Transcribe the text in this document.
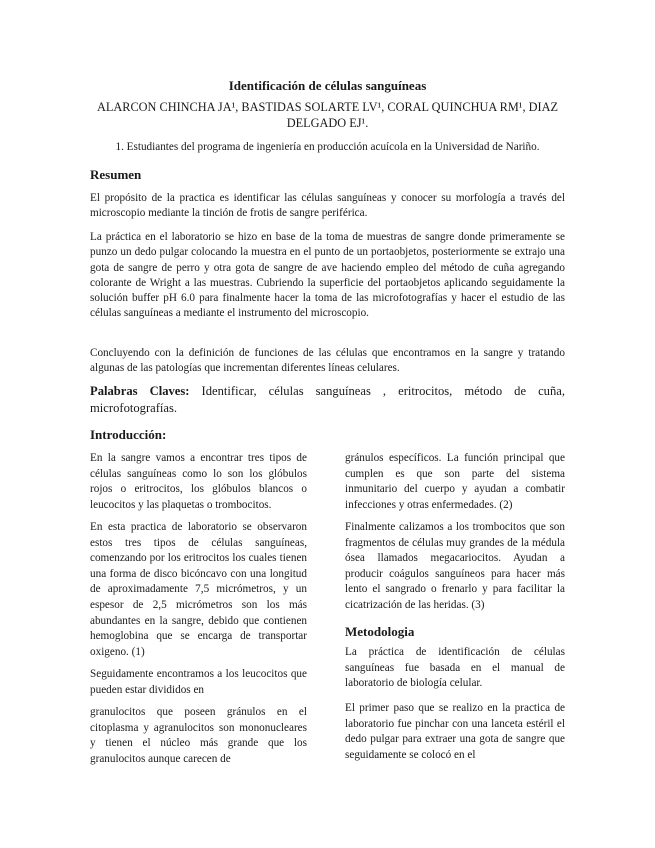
Identificación de células sanguíneas

ALARCON CHINCHA JA¹, BASTIDAS SOLARTE LV¹, CORAL QUINCHUA RM¹, DIAZ
DELGADO EJ¹.

1. Estudiantes del programa de ingeniería en producción acuícola en la Universidad de Nariño.

Resumen

El propósito de la practica es identificar las células sanguíneas y conocer su morfología a través del microscopio mediante la tinción de frotis de sangre periférica.

La práctica en el laboratorio se hizo en base de la toma de muestras de sangre donde primeramente se punzo un dedo pulgar colocando la muestra en el punto de un portaobjetos, posteriormente se extrajo una gota de sangre de perro y otra gota de sangre de ave haciendo empleo del método de cuña agregando colorante de Wright a las muestras. Cubriendo la superficie del portaobjetos aplicando seguidamente la solución buffer pH 6.0 para finalmente hacer la toma de las microfotografías y hacer el estudio de las células sanguíneas a mediante el instrumento del microscopio.

Concluyendo con la definición de funciones de las células que encontramos en la sangre y tratando algunas de las patologías que incrementan diferentes líneas celulares.

Palabras Claves: Identificar, células sanguíneas , eritrocitos, método de cuña, microfotografías.

Introducción:

En la sangre vamos a encontrar tres tipos de células sanguíneas como lo son los glóbulos rojos o eritrocitos, los glóbulos blancos o leucocitos y las plaquetas o trombocitos.

En esta practica de laboratorio se observaron estos tres tipos de células sanguíneas, comenzando por los eritrocitos los cuales tienen una forma de disco bicóncavo con una longitud de aproximadamente 7,5 micrómetros, y un espesor de 2,5 micrómetros son los más abundantes en la sangre, debido que contienen hemoglobina que se encarga de transportar oxigeno. (1)

Seguidamente encontramos a los leucocitos que pueden estar divididos en

granulocitos que poseen gránulos en el citoplasma y agranulocitos son mononucleares y tienen el núcleo más grande que los granulocitos aunque carecen de

gránulos específicos. La función principal que cumplen es que son parte del sistema inmunitario del cuerpo y ayudan a combatir infecciones y otras enfermedades. (2)

Finalmente calizamos a los trombocitos que son fragmentos de células muy grandes de la médula ósea llamados megacariocitos. Ayudan a producir coágulos sanguíneos para hacer más lento el sangrado o frenarlo y para facilitar la cicatrización de las heridas. (3)

Metodologia

La práctica de identificación de células sanguíneas fue basada en el manual de laboratorio de biología celular.

El primer paso que se realizo en la practica de laboratorio fue pinchar con una lanceta estéril el dedo pulgar para extraer una gota de sangre que seguidamente se colocó en el
